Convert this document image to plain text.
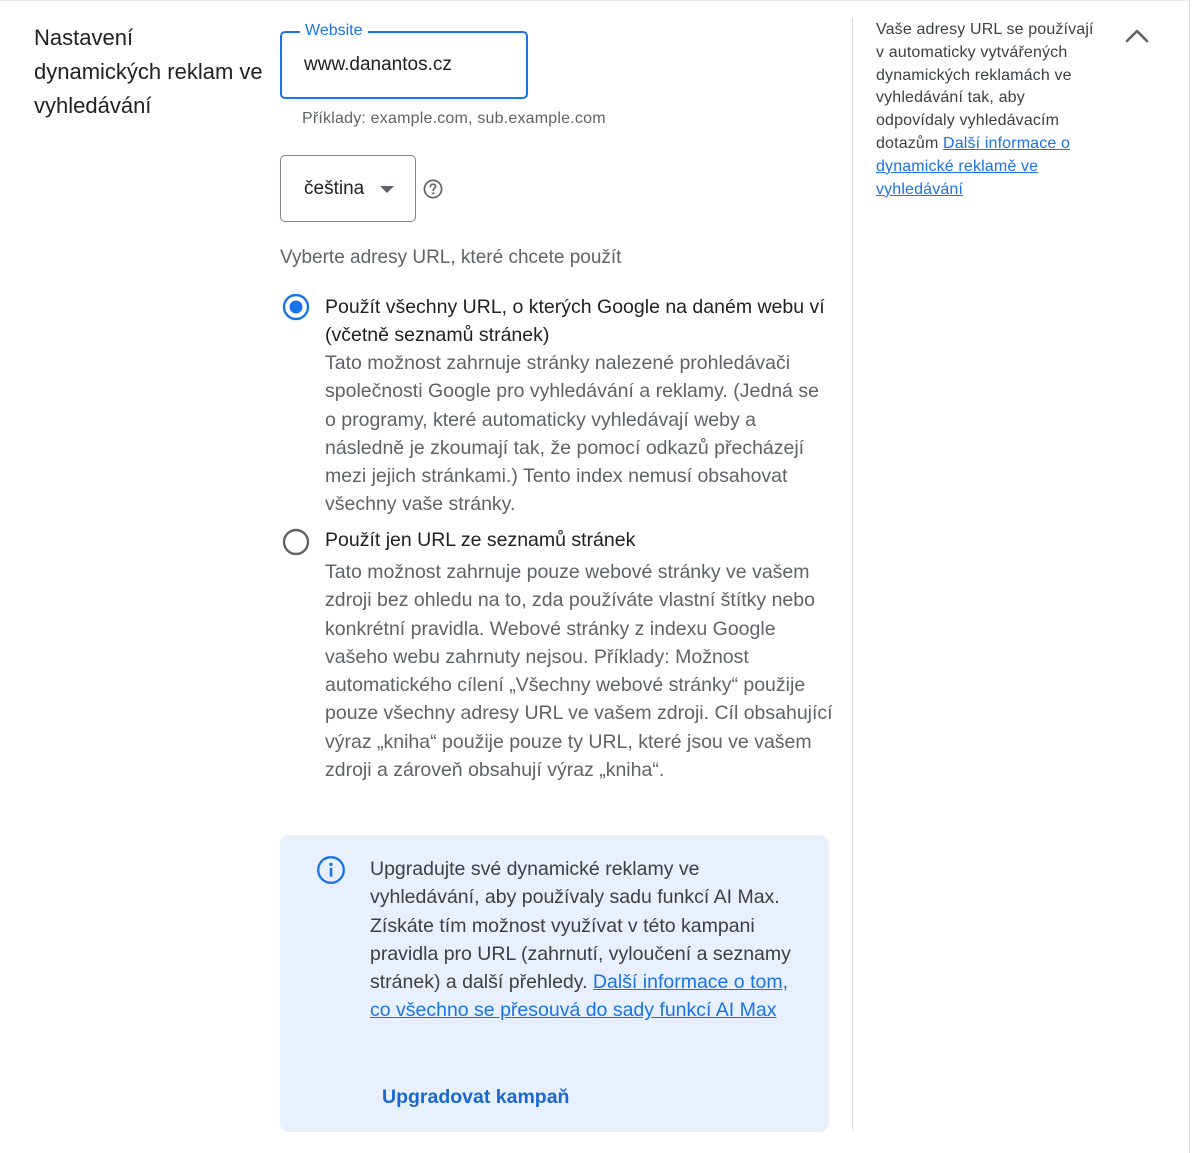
Nastavení dynamických reklam ve vyhledávání
Website
www.danantos.cz
Příklady: example.com, sub.example.com
čeština
Vyberte adresy URL, které chcete použít
Použít všechny URL, o kterých Google na daném webu ví (včetně seznamů stránek)
Tato možnost zahrnuje stránky nalezené prohledávači společnosti Google pro vyhledávání a reklamy. (Jedná se o programy, které automaticky vyhledávají weby a následně je zkoumají tak, že pomocí odkazů přecházejí mezi jejich stránkami.) Tento index nemusí obsahovat všechny vaše stránky.
Použít jen URL ze seznamů stránek
Tato možnost zahrnuje pouze webové stránky ve vašem zdroji bez ohledu na to, zda používáte vlastní štítky nebo konkrétní pravidla. Webové stránky z indexu Google vašeho webu zahrnuty nejsou. Příklady: Možnost automatického cílení „Všechny webové stránky“ použije pouze všechny adresy URL ve vašem zdroji. Cíl obsahující výraz „kniha“ použije pouze ty URL, které jsou ve vašem zdroji a zároveň obsahují výraz „kniha“.
Upgradujte své dynamické reklamy ve vyhledávání, aby používaly sadu funkcí AI Max. Získáte tím možnost využívat v této kampani pravidla pro URL (zahrnutí, vyloučení a seznamy stránek) a další přehledy. Další informace o tom, co všechno se přesouvá do sady funkcí AI Max
Upgradovat kampaň
Vaše adresy URL se používají v automaticky vytvářených dynamických reklamách ve vyhledávání tak, aby odpovídaly vyhledávacím dotazům Další informace o dynamické reklamě ve vyhledávání
